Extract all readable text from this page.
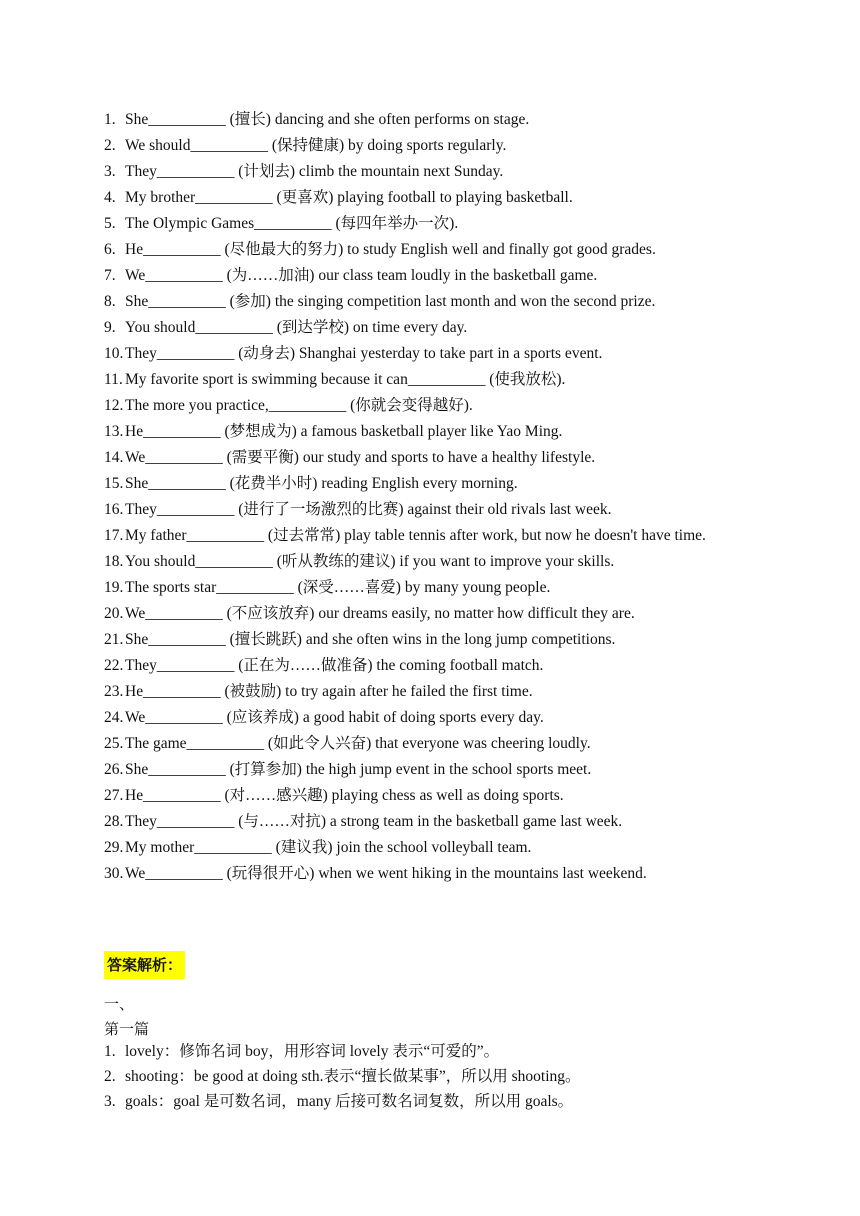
1. She__________ (擅长) dancing and she often performs on stage.
2. We should__________ (保持健康) by doing sports regularly.
3. They__________ (计划去) climb the mountain next Sunday.
4. My brother__________ (更喜欢) playing football to playing basketball.
5. The Olympic Games__________ (每四年举办一次).
6. He__________ (尽他最大的努力) to study English well and finally got good grades.
7. We__________ (为……加油) our class team loudly in the basketball game.
8. She__________ (参加) the singing competition last month and won the second prize.
9. You should__________ (到达学校) on time every day.
10. They__________ (动身去) Shanghai yesterday to take part in a sports event.
11. My favorite sport is swimming because it can__________ (使我放松).
12. The more you practice,__________ (你就会变得越好).
13. He__________ (梦想成为) a famous basketball player like Yao Ming.
14. We__________ (需要平衡) our study and sports to have a healthy lifestyle.
15. She__________ (花费半小时) reading English every morning.
16. They__________ (进行了一场激烈的比赛) against their old rivals last week.
17. My father__________ (过去常常) play table tennis after work, but now he doesn't have time.
18. You should__________ (听从教练的建议) if you want to improve your skills.
19. The sports star__________ (深受……喜爱) by many young people.
20. We__________ (不应该放弃) our dreams easily, no matter how difficult they are.
21. She__________ (擅长跳跃) and she often wins in the long jump competitions.
22. They__________ (正在为……做准备) the coming football match.
23. He__________ (被鼓励) to try again after he failed the first time.
24. We__________ (应该养成) a good habit of doing sports every day.
25. The game__________ (如此令人兴奋) that everyone was cheering loudly.
26. She__________ (打算参加) the high jump event in the school sports meet.
27. He__________ (对……感兴趣) playing chess as well as doing sports.
28. They__________ (与……对抗) a strong team in the basketball game last week.
29. My mother__________ (建议我) join the school volleyball team.
30. We__________ (玩得很开心) when we went hiking in the mountains last weekend.
答案解析：
一、
第一篇
1. lovely：修饰名词 boy，用形容词 lovely 表示“可爱的”。
2. shooting：be good at doing sth.表示“擅长做某事”，所以用 shooting。
3. goals：goal 是可数名词，many 后接可数名词复数，所以用 goals。
